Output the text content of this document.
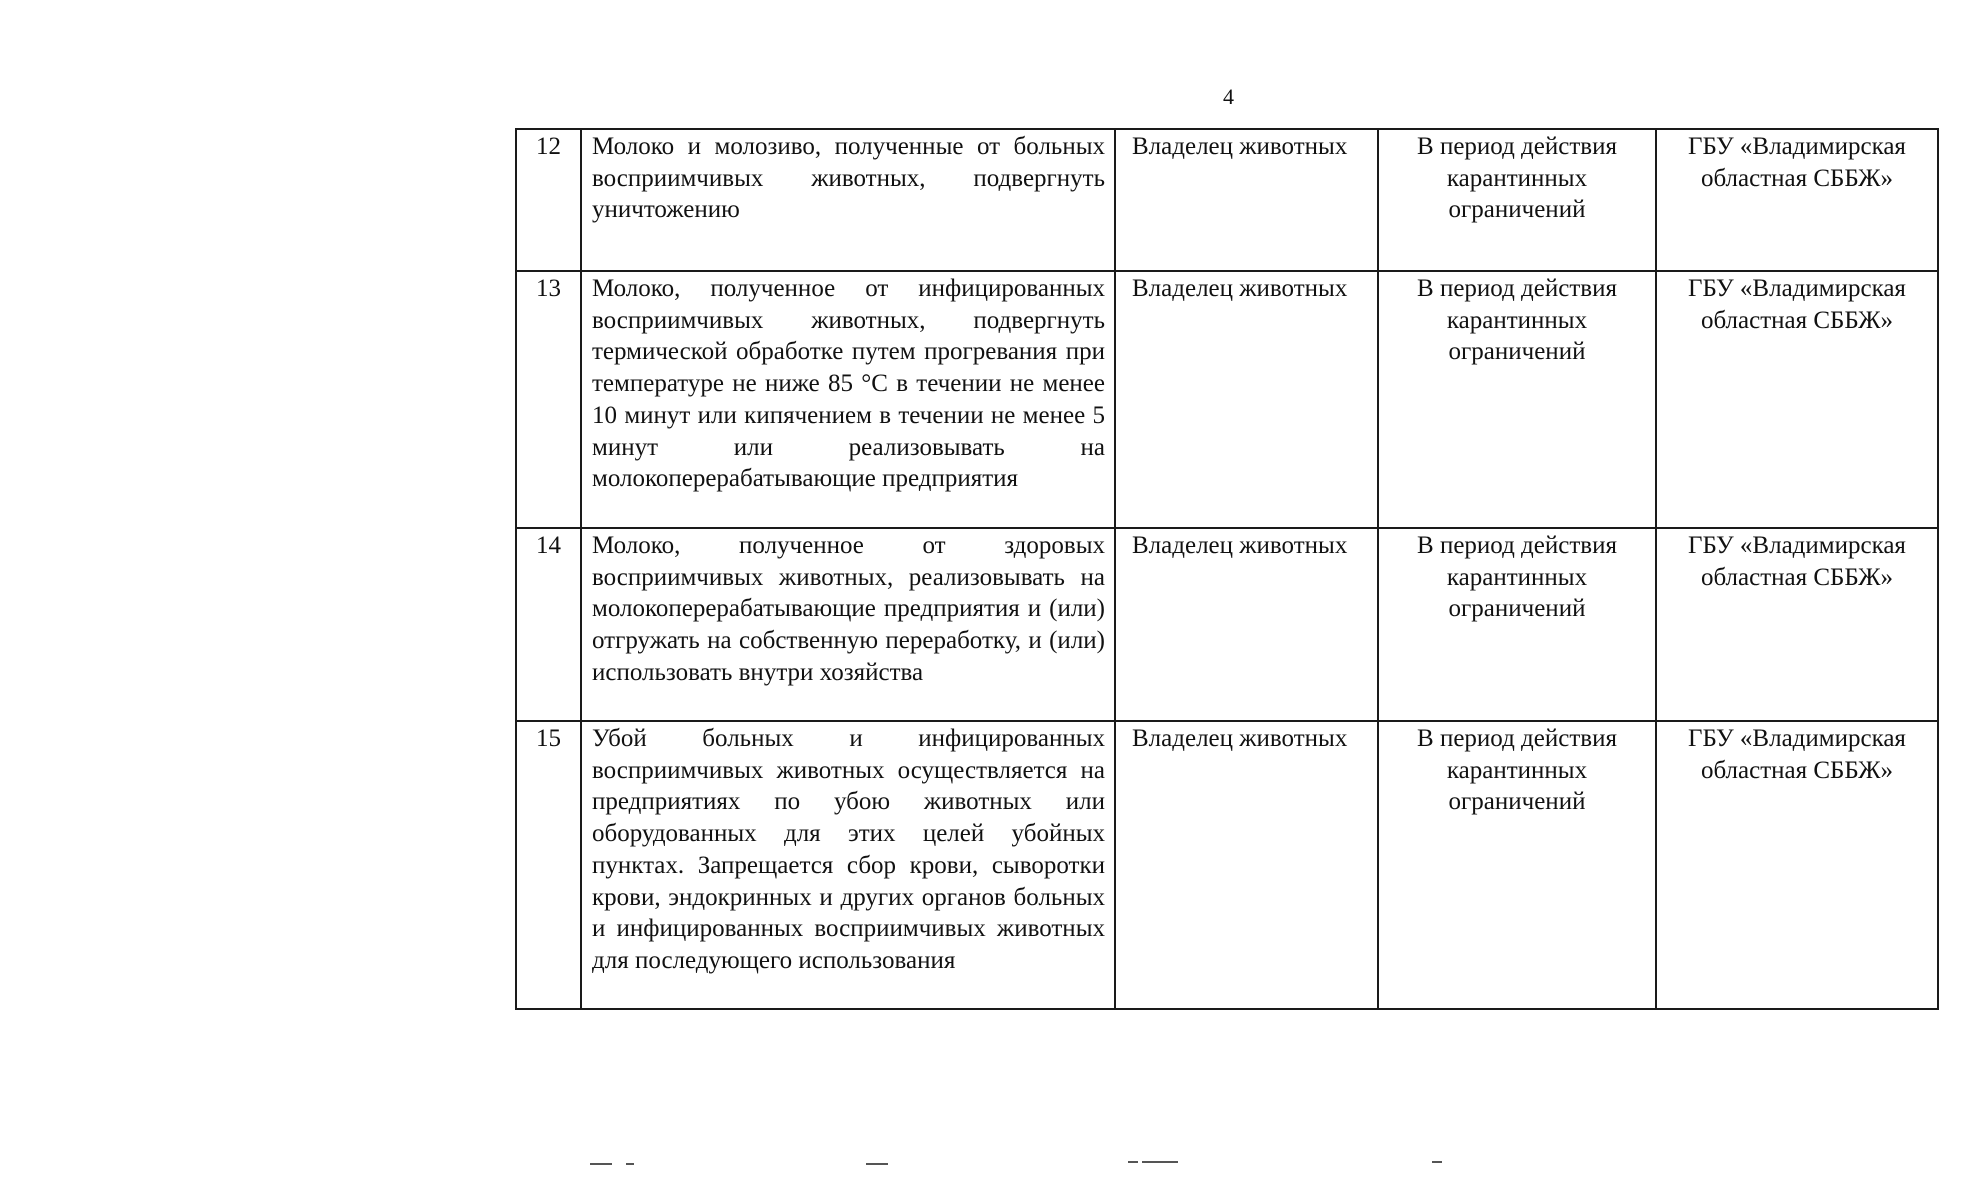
4
12	Молоко и молозиво, полученные от больных восприимчивых животных, подвергнуть уничтожению	Владелец животных	В период действия карантинных ограничений	ГБУ «Владимирская областная СББЖ»
13	Молоко, полученное от инфицированных восприимчивых животных, подвергнуть термической обработке путем прогревания при температуре не ниже 85 °С в течении не менее 10 минут или кипячением в течении не менее 5 минут или реализовывать на молокоперерабатывающие предприятия	Владелец животных	В период действия карантинных ограничений	ГБУ «Владимирская областная СББЖ»
14	Молоко, полученное от здоровых восприимчивых животных, реализовывать на молокоперерабатывающие предприятия и (или) отгружать на собственную переработку, и (или) использовать внутри хозяйства	Владелец животных	В период действия карантинных ограничений	ГБУ «Владимирская областная СББЖ»
15	Убой больных и инфицированных восприимчивых животных осуществляется на предприятиях по убою животных или оборудованных для этих целей убойных пунктах. Запрещается сбор крови, сыворотки крови, эндокринных и других органов больных и инфицированных восприимчивых животных для последующего использования	Владелец животных	В период действия карантинных ограничений	ГБУ «Владимирская областная СББЖ»
